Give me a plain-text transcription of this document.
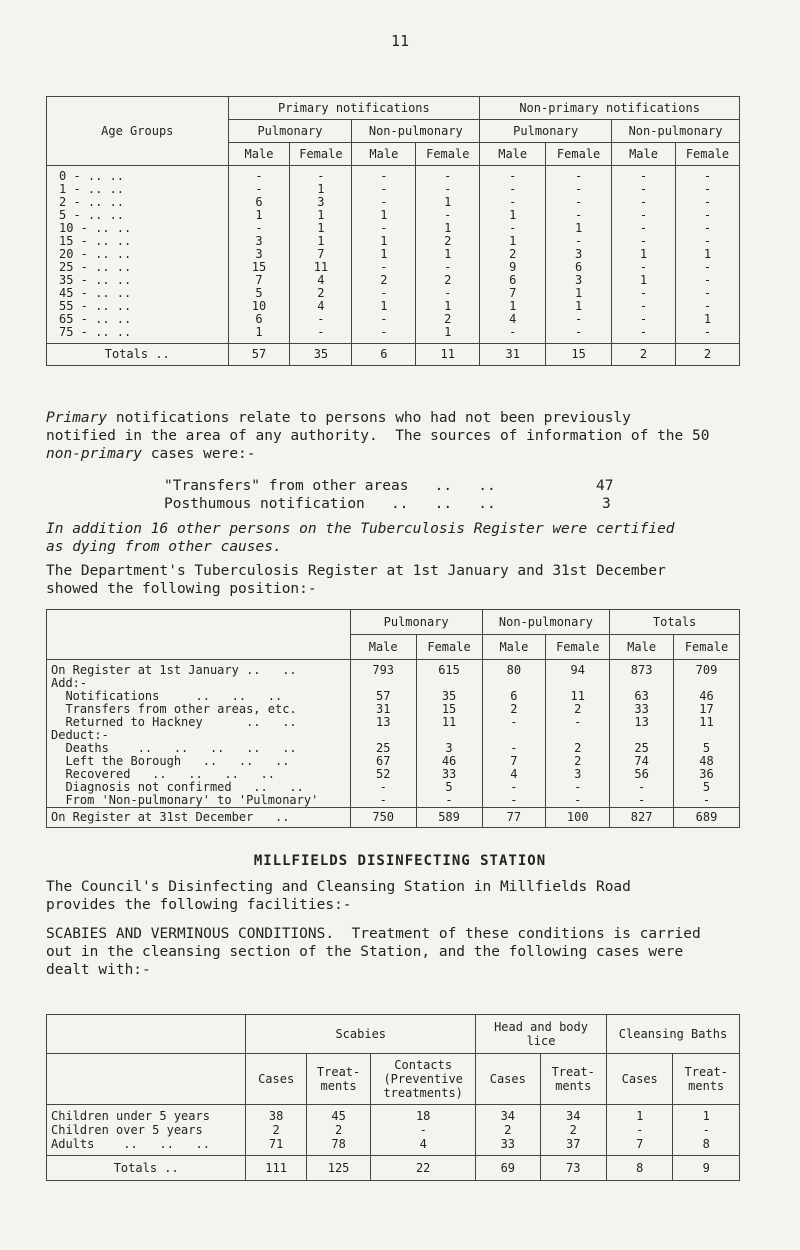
11
Age Groups	Primary notifications				Non-primary notifications			
	Pulmonary		Non-pulmonary		Pulmonary		Non-pulmonary	
	Male	Female	Male	Female	Male	Female	Male	Female
0 - .. ..	-	-	-	-	-	-	-	-
1 - .. ..	-	1	-	-	-	-	-	-
2 - .. ..	6	3	-	1	-	-	-	-
5 - .. ..	1	1	1	-	1	-	-	-
10 - .. ..	-	1	-	1	-	1	-	-
15 - .. ..	3	1	1	2	1	-	-	-
20 - .. ..	3	7	1	1	2	3	1	1
25 - .. ..	15	11	-	-	9	6	-	-
35 - .. ..	7	4	2	2	6	3	1	-
45 - .. ..	5	2	-	-	7	1	-	-
55 - .. ..	10	4	1	1	1	1	-	-
65 - .. ..	6	-	-	2	4	-	-	1
75 - .. ..	1	-	-	1	-	-	-	-
Totals ..	57	35	6	11	31	15	2	2
Primary notifications relate to persons who had not been previously
notified in the area of any authority.  The sources of information of the 50
non-primary cases were:-
"Transfers" from other areas   ..   ..	47
Posthumous notification   ..   ..   ..	3
In addition 16 other persons on the Tuberculosis Register were certified
as dying from other causes.
The Department's Tuberculosis Register at 1st January and 31st December
showed the following position:-
	Pulmonary		Non-pulmonary		Totals	
	Male	Female	Male	Female	Male	Female
On Register at 1st January ..   ..	793	615	80	94	873	709
Add:-						
Notifications     ..   ..   ..	57	35	6	11	63	46
Transfers from other areas, etc.	31	15	2	2	33	17
Returned to Hackney      ..   ..	13	11	-	-	13	11
Deduct:-						
Deaths    ..   ..   ..   ..   ..	25	3	-	2	25	5
Left the Borough   ..   ..   ..	67	46	7	2	74	48
Recovered   ..   ..   ..   ..	52	33	4	3	56	36
Diagnosis not confirmed   ..   ..	-	5	-	-	-	5
From 'Non-pulmonary' to 'Pulmonary'	-	-	-	-	-	-
On Register at 31st December   ..	750	589	77	100	827	689
MILLFIELDS DISINFECTING STATION
The Council's Disinfecting and Cleansing Station in Millfields Road
provides the following facilities:-
SCABIES AND VERMINOUS CONDITIONS.  Treatment of these conditions is carried
out in the cleansing section of the Station, and the following cases were
dealt with:-
	Scabies			Head and body lice		Cleansing Baths	
	Cases	Treat- ments	Contacts (Preventive treatments)	Cases	Treat- ments	Cases	Treat- ments
Children under 5 years	38	45	18	34	34	1	1
Children over 5 years	2	2	-	2	2	-	-
Adults    ..   ..   ..	71	78	4	33	37	7	8
Totals ..	111	125	22	69	73	8	9
